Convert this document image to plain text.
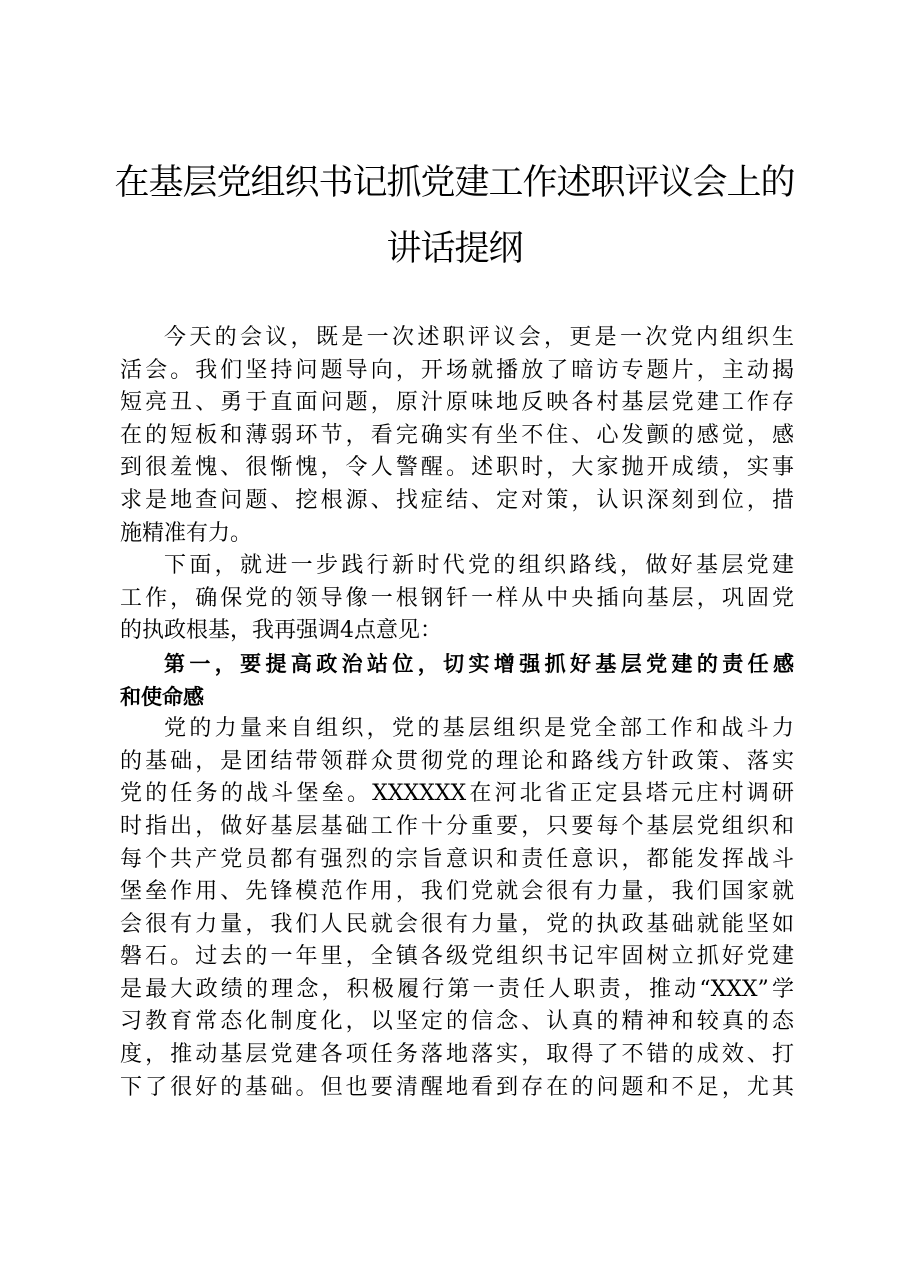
在基层党组织书记抓党建工作述职评议会上的
讲话提纲
今天的会议，既是一次述职评议会，更是一次党内组织生
活会。我们坚持问题导向，开场就播放了暗访专题片，主动揭
短亮丑、勇于直面问题，原汁原味地反映各村基层党建工作存
在的短板和薄弱环节，看完确实有坐不住、心发颤的感觉，感
到很羞愧、很惭愧，令人警醒。述职时，大家抛开成绩，实事
求是地查问题、挖根源、找症结、定对策，认识深刻到位，措
施精准有力。
下面，就进一步践行新时代党的组织路线，做好基层党建
工作，确保党的领导像一根钢钎一样从中央插向基层，巩固党
的执政根基，我再强调4点意见：
第一，要提高政治站位，切实增强抓好基层党建的责任感
和使命感
党的力量来自组织，党的基层组织是党全部工作和战斗力
的基础，是团结带领群众贯彻党的理论和路线方针政策、落实
党的任务的战斗堡垒。XXXXXX在河北省正定县塔元庄村调研
时指出，做好基层基础工作十分重要，只要每个基层党组织和
每个共产党员都有强烈的宗旨意识和责任意识，都能发挥战斗
堡垒作用、先锋模范作用，我们党就会很有力量，我们国家就
会很有力量，我们人民就会很有力量，党的执政基础就能坚如
磐石。过去的一年里，全镇各级党组织书记牢固树立抓好党建
是最大政绩的理念，积极履行第一责任人职责，推动“XXX”学
习教育常态化制度化，以坚定的信念、认真的精神和较真的态
度，推动基层党建各项任务落地落实，取得了不错的成效、打
下了很好的基础。但也要清醒地看到存在的问题和不足，尤其
